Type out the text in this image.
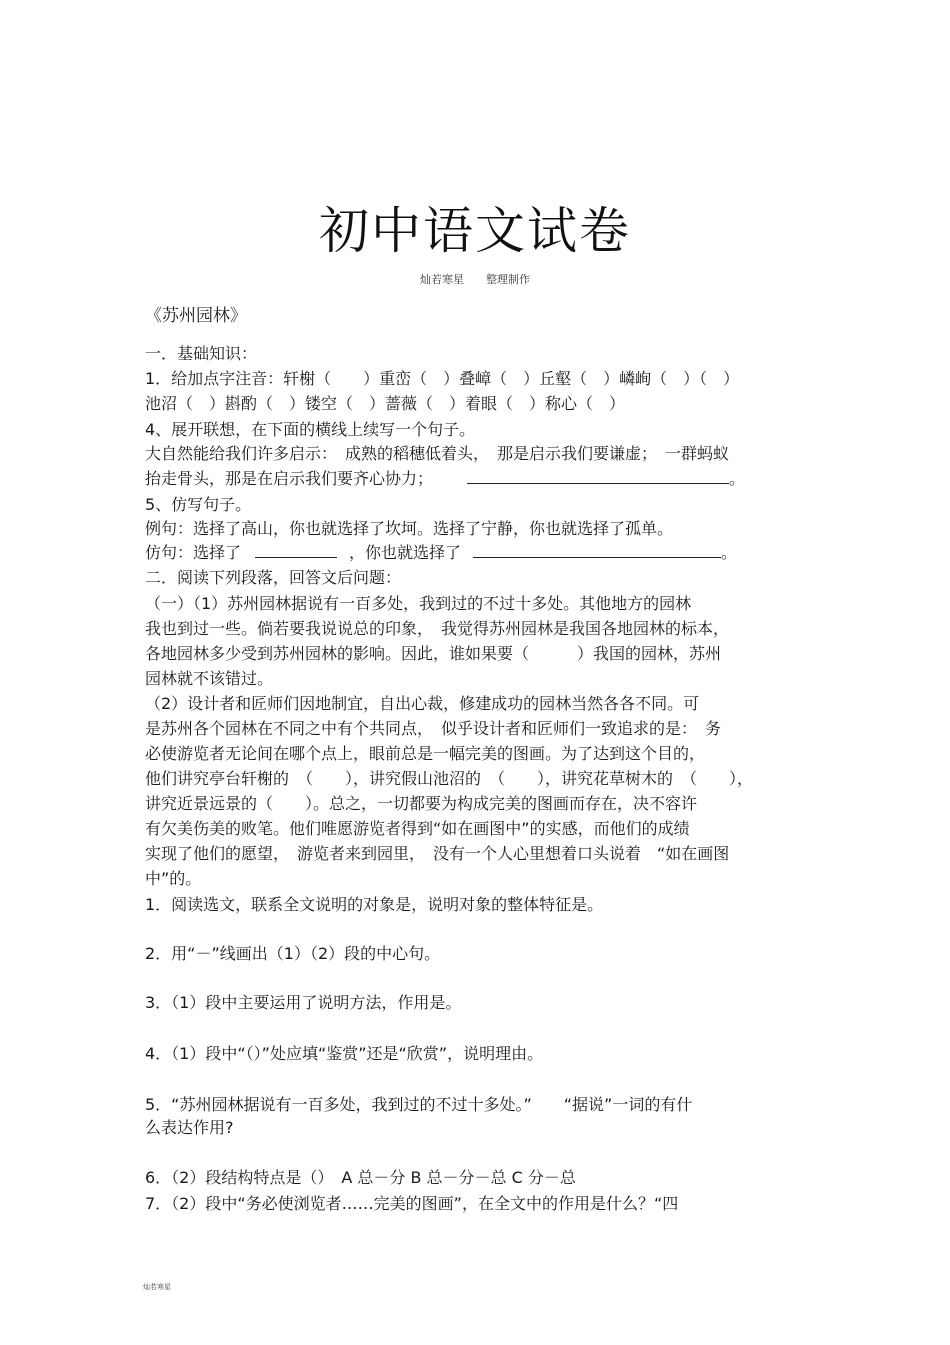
初中语文试卷
灿若寒星　　整理制作
《苏州园林》
一．基础知识：
1．给加点字注音：轩榭（　　）重峦（　）叠嶂（　）丘壑（　）嶙峋（　）（　）
池沼（　）斟酌（　）镂空（　）蔷薇（　）着眼（　）称心（　）
4、展开联想，在下面的横线上续写一个句子。
大自然能给我们许多启示：　成熟的稻穗低着头，　那是启示我们要谦虚；　一群蚂蚁
抬走骨头，那是在启示我们要齐心协力；	。
5、仿写句子。
例句：选择了高山，你也就选择了坎坷。选择了宁静，你也就选择了孤单。
仿句：选择了	，你也就选择了	。
二．阅读下列段落，回答文后问题：
（一）（1）苏州园林据说有一百多处，我到过的不过十多处。其他地方的园林
我也到过一些。倘若要我说说总的印象，　我觉得苏州园林是我国各地园林的标本，
各地园林多少受到苏州园林的影响。因此，谁如果要（　　　）我国的园林，苏州
园林就不该错过。
（2）设计者和匠师们因地制宜，自出心裁，修建成功的园林当然各各不同。可
是苏州各个园林在不同之中有个共同点，　似乎设计者和匠师们一致追求的是：　务
必使游览者无论间在哪个点上，眼前总是一幅完美的图画。为了达到这个目的，
他们讲究亭台轩榭的　（　　），讲究假山池沼的　（　　），讲究花草树木的　（　　），
讲究近景远景的（　　）。总之，一切都要为构成完美的图画而存在，决不容许
有欠美伤美的败笔。他们唯愿游览者得到“如在画图中”的实感，而他们的成绩
实现了他们的愿望，　游览者来到园里，　没有一个人心里想着口头说着　“如在画图
中”的。
1．阅读选文，联系全文说明的对象是，说明对象的整体特征是。
2．用“－”线画出（1）（2）段的中心句。
3．（1）段中主要运用了说明方法，作用是。
4．（1）段中“（）”处应填“鉴赏”还是“欣赏”，说明理由。
5．“苏州园林据说有一百多处，我到过的不过十多处。”　　“据说”一词的有什
么表达作用?
6．（2）段结构特点是（）　A 总－分 B 总－分－总 C 分－总
7．（2）段中“务必使浏览者……完美的图画”，在全文中的作用是什么？“四
灿若寒星
